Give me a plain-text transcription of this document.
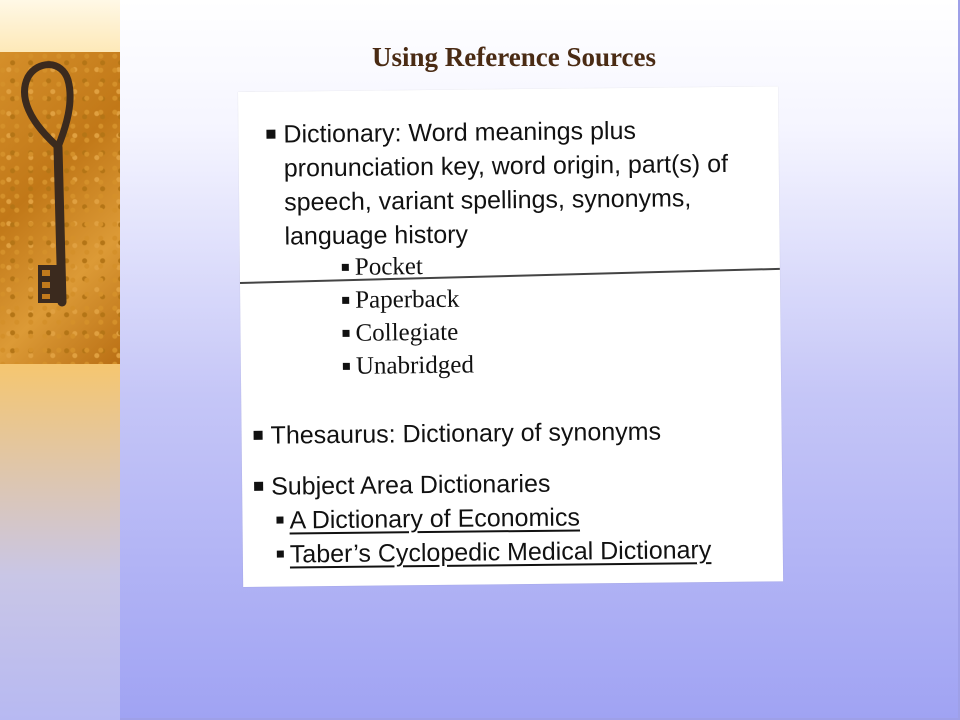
Using Reference Sources
Dictionary: Word meanings plus
pronunciation key, word origin, part(s) of
speech, variant spellings, synonyms,
language history
Pocket
Paperback
Collegiate
Unabridged
Thesaurus: Dictionary of synonyms
Subject Area Dictionaries
A Dictionary of Economics
Taber’s Cyclopedic Medical Dictionary
